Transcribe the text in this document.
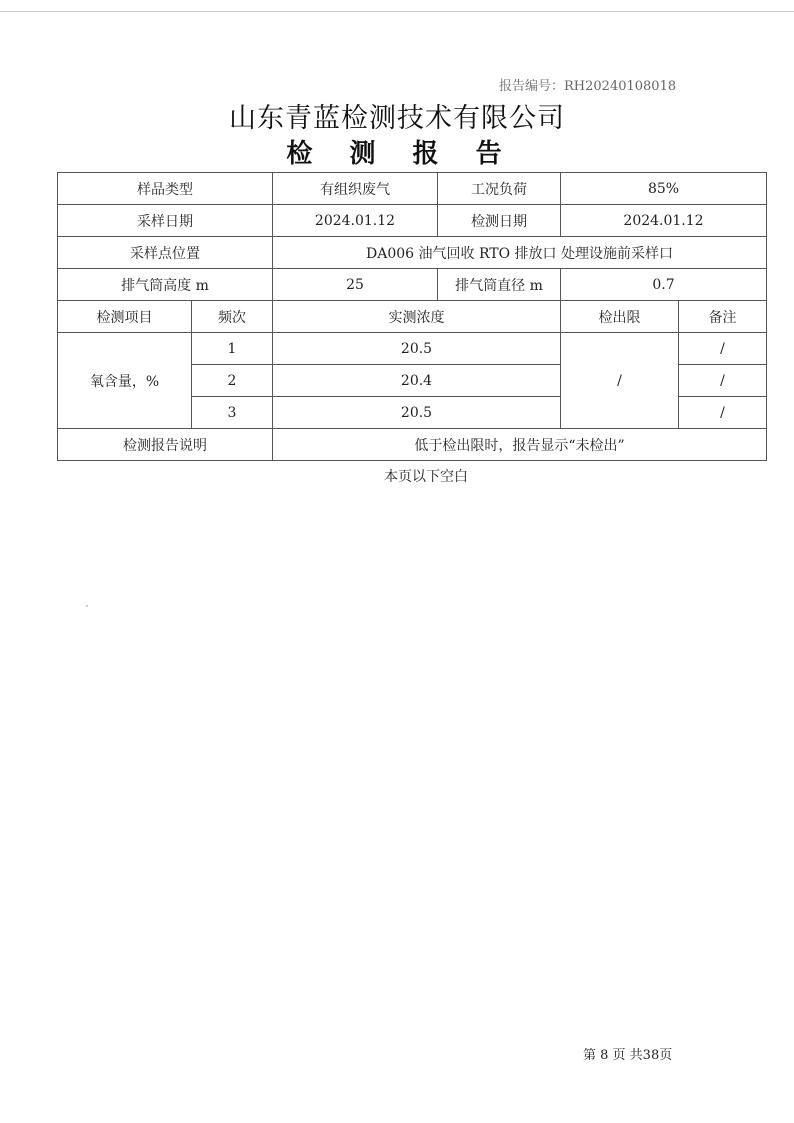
报告编号：RH20240108018
山东青蓝检测技术有限公司
检 测 报 告
样品类型		有组织废气	工况负荷	85%	
采样日期		2024.01.12	检测日期	2024.01.12	
采样点位置		DA006 油气回收 RTO 排放口 处理设施前采样口			
排气筒高度 m		25	排气筒直径 m	0.7	
检测项目	频次	实测浓度		检出限	备注
氧含量，%	1	20.5		/	/
	2	20.4			/
	3	20.5			/
检测报告说明		低于检出限时，报告显示“未检出”			
本页以下空白
第 8 页 共38页
